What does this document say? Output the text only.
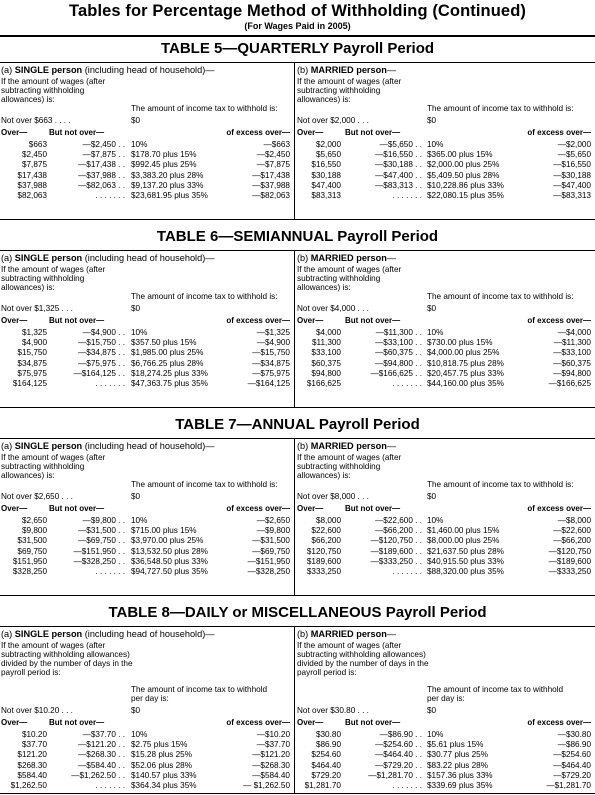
Tables for Percentage Method of Withholding (Continued)
(For Wages Paid in 2005)
TABLE 5—QUARTERLY Payroll Period
(a) SINGLE person (including head of household)—
If the amount of wages (after subtracting withholding allowances) is:
The amount of income tax to withhold is:
Not over $663 . . . .	$0
Over—	But not over—	of excess over—
$663	—$2,450 . . 10%	—$663
$2,450	—$7,875 . . $178.70 plus 15%	—$2,450
$7,875	—$17,438 . . $992.45 plus 25%	—$7,875
$17,438	—$37,988 . . $3,383.20 plus 28%	—$17,438
$37,988	—$82,063 . . $9,137.20 plus 33%	—$37,988
$82,063	. . . . . . . $23,681.95 plus 35%	—$82,063
(b) MARRIED person—
If the amount of wages (after subtracting withholding allowances) is:
The amount of income tax to withhold is:
Not over $2,000 . . .	$0
Over—	But not over—	of excess over—
$2,000	—$5,650 . . 10%	—$2,000
$5,650	—$16,550 . . $365.00 plus 15%	—$5,650
$16,550	—$30,188 . . $2,000.00 plus 25%	—$16,550
$30,188	—$47,400 . . $5,409.50 plus 28%	—$30,188
$47,400	—$83,313 . . $10,228.86 plus 33%	—$47,400
$83,313	. . . . . . . $22,080.15 plus 35%	—$83,313
TABLE 6—SEMIANNUAL Payroll Period
(a) SINGLE person (including head of household)—
If the amount of wages (after subtracting withholding allowances) is:
The amount of income tax to withhold is:
Not over $1,325 . . .	$0
Over—	But not over—	of excess over—
$1,325	—$4,900 . . 10%	—$1,325
$4,900	—$15,750 . . $357.50 plus 15%	—$4,900
$15,750	—$34,875 . . $1,985.00 plus 25%	—$15,750
$34,875	—$75,975 . . $6,766.25 plus 28%	—$34,875
$75,975	—$164,125 . . $18,274.25 plus 33%	—$75,975
$164,125	. . . . . . . $47,363.75 plus 35%	—$164,125
(b) MARRIED person—
If the amount of wages (after subtracting withholding allowances) is:
The amount of income tax to withhold is:
Not over $4,000 . . .	$0
Over—	But not over—	of excess over—
$4,000	—$11,300 . . 10%	—$4,000
$11,300	—$33,100 . . $730.00 plus 15%	—$11,300
$33,100	—$60,375 . . $4,000.00 plus 25%	—$33,100
$60,375	—$94,800 . . $10,818.75 plus 28%	—$60,375
$94,800	—$166,625 . . $20,457.75 plus 33%	—$94,800
$166,625	. . . . . . . $44,160.00 plus 35%	—$166,625
TABLE 7—ANNUAL Payroll Period
(a) SINGLE person (including head of household)—
If the amount of wages (after subtracting withholding allowances) is:
The amount of income tax to withhold is:
Not over $2,650 . . .	$0
Over—	But not over—	of excess over—
$2,650	—$9,800 . . 10%	—$2,650
$9,800	—$31,500 . . $715.00 plus 15%	—$9,800
$31,500	—$69,750 . . $3,970.00 plus 25%	—$31,500
$69,750	—$151,950 . . $13,532.50 plus 28%	—$69,750
$151,950	—$328,250 . . $36,548.50 plus 33%	—$151,950
$328,250	. . . . . . . $94,727.50 plus 35%	—$328,250
(b) MARRIED person—
If the amount of wages (after subtracting withholding allowances) is:
The amount of income tax to withhold is:
Not over $8,000 . . .	$0
Over—	But not over—	of excess over—
$8,000	—$22,600 . . 10%	—$8,000
$22,600	—$66,200 . . $1,460.00 plus 15%	—$22,600
$66,200	—$120,750 . . $8,000.00 plus 25%	—$66,200
$120,750	—$189,600 . . $21,637.50 plus 28%	—$120,750
$189,600	—$333,250 . . $40,915.50 plus 33%	—$189,600
$333,250	. . . . . . . $88,320.00 plus 35%	—$333,250
TABLE 8—DAILY or MISCELLANEOUS Payroll Period
(a) SINGLE person (including head of household)—
If the amount of wages (after subtracting withholding allowances) divided by the number of days in the payroll period is:
The amount of income tax to withhold per day is:
Not over $10.20 . . .	$0
Over—	But not over—	of excess over—
$10.20	—$37.70 . . 10%	—$10.20
$37.70	—$121.20 . . $2.75 plus 15%	—$37.70
$121.20	—$268.30 . . $15.28 plus 25%	—$121.20
$268.30	—$584.40 . . $52.06 plus 28%	—$268.30
$584.40	—$1,262.50 . . $140.57 plus 33%	—$584.40
$1,262.50	. . . . . . . $364.34 plus 35%	— $1,262.50
(b) MARRIED person—
If the amount of wages (after subtracting withholding allowances) divided by the number of days in the payroll period is:
The amount of income tax to withhold per day is:
Not over $30.80 . . .	$0
Over—	But not over—	of excess over—
$30.80	—$86.90 . . 10%	—$30.80
$86.90	—$254.60 . . $5.61 plus 15%	—$86.90
$254.60	—$464.40 . . $30.77 plus 25%	—$254.60
$464.40	—$729.20 . . $83.22 plus 28%	—$464.40
$729.20	—$1,281.70 . . $157.36 plus 33%	—$729.20
$1,281.70	. . . . . . . $339.69 plus 35%	—$1,281.70
